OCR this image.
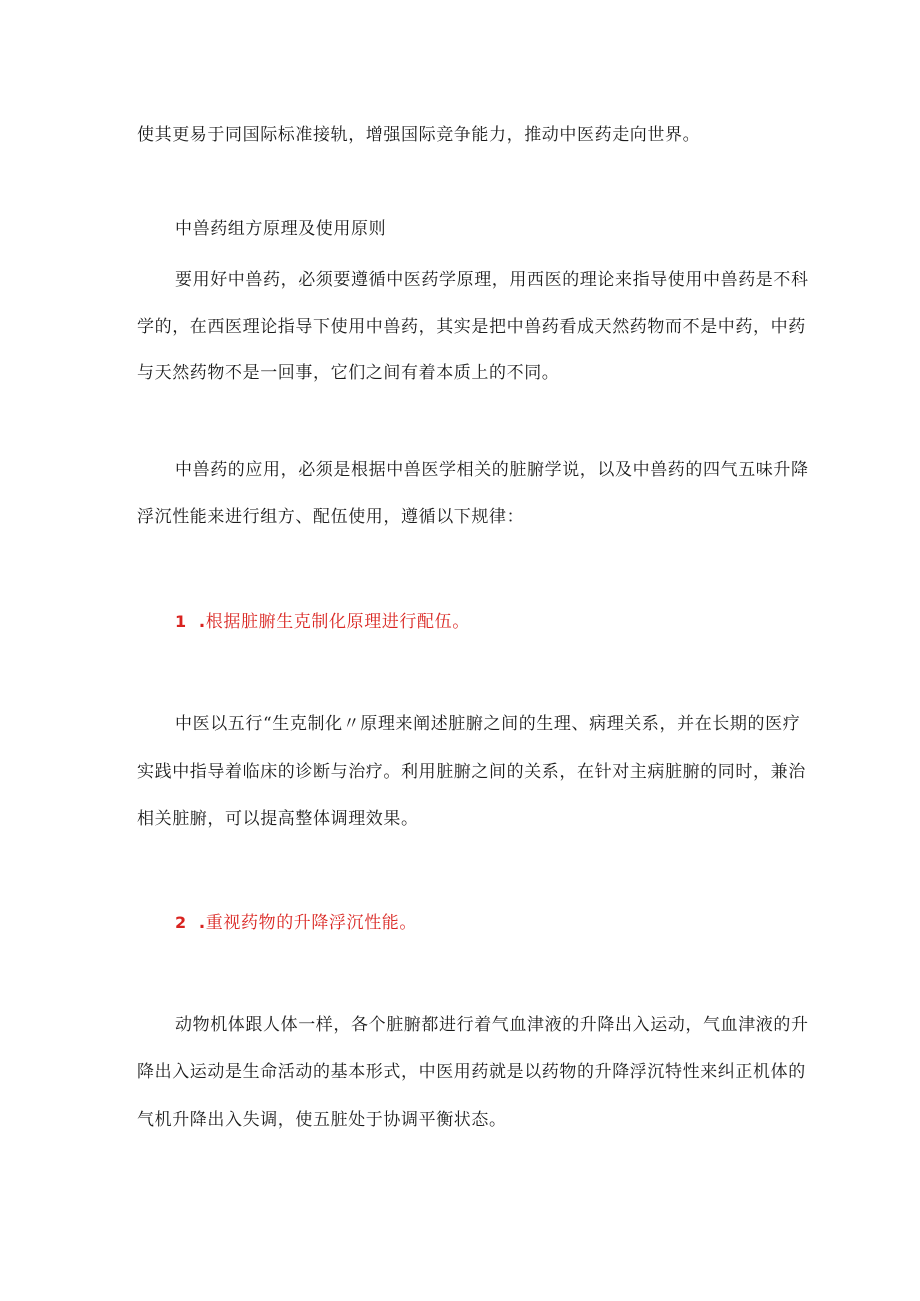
使其更易于同国际标准接轨，增强国际竞争能力，推动中医药走向世界。
中兽药组方原理及使用原则
要用好中兽药，必须要遵循中医药学原理，用西医的理论来指导使用中兽药是不科
学的，在西医理论指导下使用中兽药，其实是把中兽药看成天然药物而不是中药，中药
与天然药物不是一回事，它们之间有着本质上的不同。
中兽药的应用，必须是根据中兽医学相关的脏腑学说，以及中兽药的四气五味升降
浮沉性能来进行组方、配伍使用，遵循以下规律：
1 .根据脏腑生克制化原理进行配伍。
中医以五行“生克制化〃原理来阐述脏腑之间的生理、病理关系，并在长期的医疗
实践中指导着临床的诊断与治疗。利用脏腑之间的关系，在针对主病脏腑的同时，兼治
相关脏腑，可以提高整体调理效果。
2 .重视药物的升降浮沉性能。
动物机体跟人体一样，各个脏腑都进行着气血津液的升降出入运动，气血津液的升
降出入运动是生命活动的基本形式，中医用药就是以药物的升降浮沉特性来纠正机体的
气机升降出入失调，使五脏处于协调平衡状态。
